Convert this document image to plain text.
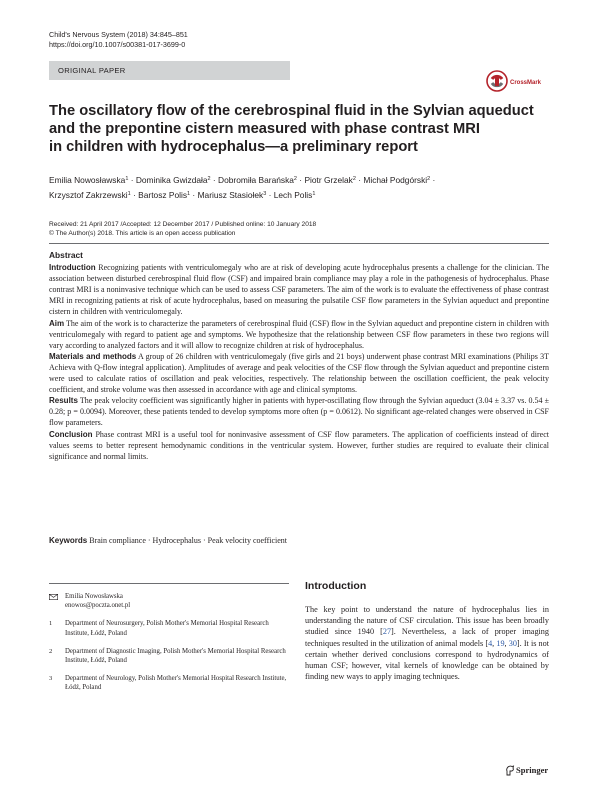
Child's Nervous System (2018) 34:845–851
https://doi.org/10.1007/s00381-017-3699-0
ORIGINAL PAPER
CrossMark
The oscillatory flow of the cerebrospinal fluid in the Sylvian aqueduct
and the prepontine cistern measured with phase contrast MRI
in children with hydrocephalus—a preliminary report
Emilia Nowosławska$^1$ · Dominika Gwizdała$^2$ · Dobromiła Barańska$^2$ · Piotr Grzelak$^2$ · Michał Podgórski$^2$ ·
Krzysztof Zakrzewski$^1$ · Bartosz Polis$^1$ · Mariusz Stasiołek$^3$ · Lech Polis$^1$
Received: 21 April 2017 /Accepted: 12 December 2017 / Published online: 10 January 2018
© The Author(s) 2018. This article is an open access publication

Abstract

Introduction Recognizing patients with ventriculomegaly who are at risk of developing acute hydrocephalus presents a challenge for the clinician. The association between disturbed cerebrospinal fluid flow (CSF) and impaired brain compliance may play a role in the pathogenesis of hydrocephalus. Phase contrast MRI is a noninvasive technique which can be used to assess CSF parameters. The aim of the work is to evaluate the effectiveness of phase contrast MRI in recognizing patients at risk of acute hydrocephalus, based on measuring the pulsatile CSF flow parameters in the Sylvian aqueduct and prepontine cistern in children with ventriculomegaly.

Aim The aim of the work is to characterize the parameters of cerebrospinal fluid (CSF) flow in the Sylvian aqueduct and prepontine cistern in children with ventriculomegaly with regard to patient age and symptoms. We hypothesize that the relationship between CSF flow parameters in these two regions will vary according to analyzed factors and it will allow to recognize children at risk of hydrocephalus.

Materials and methods A group of 26 children with ventriculomegaly (five girls and 21 boys) underwent phase contrast MRI examinations (Philips 3T Achieva with Q-flow integral application). Amplitudes of average and peak velocities of the CSF flow through the Sylvian aqueduct and prepontine cistern were used to calculate ratios of oscillation and peak velocities, respectively. The relationship between the oscillation coefficient, the peak velocity coefficient, and stroke volume was then assessed in accordance with age and clinical symptoms.

Results The peak velocity coefficient was significantly higher in patients with hyper-oscillating flow through the Sylvian aqueduct (3.04 ± 3.37 vs. 0.54 ± 0.28; p = 0.0094). Moreover, these patients tended to develop symptoms more often (p = 0.0612). No significant age-related changes were observed in CSF flow parameters.

Conclusion Phase contrast MRI is a useful tool for noninvasive assessment of CSF flow parameters. The application of coefficients instead of direct values seems to better represent hemodynamic conditions in the ventricular system. However, further studies are required to evaluate their clinical significance and normal limits.

Keywords Brain compliance · Hydrocephalus · Peak velocity coefficient
Emilia Nowosławska
enowos@poczta.onet.pl
1 Department of Neurosurgery, Polish Mother's Memorial Hospital Research Institute, Łódź, Poland
2 Department of Diagnostic Imaging, Polish Mother's Memorial Hospital Research Institute, Łódź, Poland
3 Department of Neurology, Polish Mother's Memorial Hospital Research Institute, Łódź, Poland
Introduction
The key point to understand the nature of hydrocephalus lies in understanding the nature of CSF circulation. This issue has been broadly studied since 1940 [27]. Nevertheless, a lack of proper imaging techniques resulted in the utilization of animal models [4, 19, 30]. It is not certain whether derived conclusions correspond to hydrodynamics of human CSF; however, vital kernels of knowledge can be obtained by finding new ways to apply imaging techniques.
Springer
